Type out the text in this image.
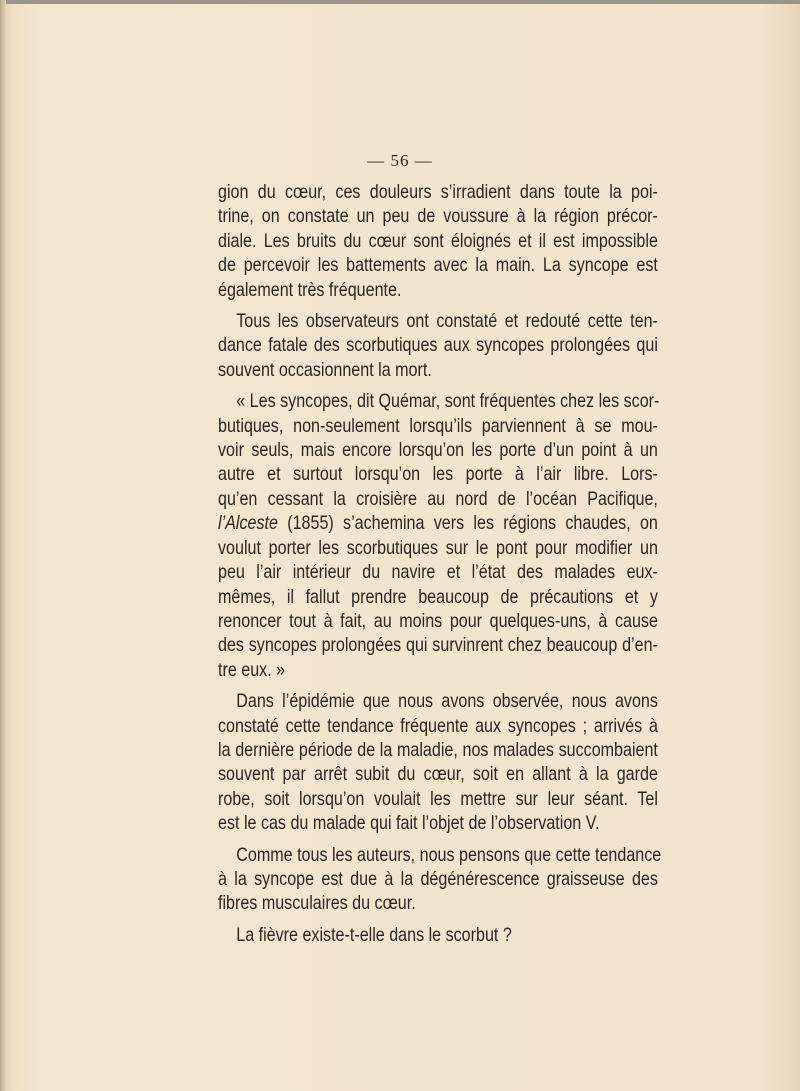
— 56 —
gion du cœur, ces douleurs s’irradient dans toute la poi-
trine, on constate un peu de voussure à la région précor-
diale. Les bruits du cœur sont éloignés et il est impossible
de percevoir les battements avec la main. La syncope est
également très fréquente.
Tous les observateurs ont constaté et redouté cette ten-
dance fatale des scorbutiques aux syncopes prolongées qui
souvent occasionnent la mort.
« Les syncopes, dit Quémar, sont fréquentes chez les scor-
butiques, non-seulement lorsqu’ils parviennent à se mou-
voir seuls, mais encore lorsqu’on les porte d’un point à un
autre et surtout lorsqu’on les porte à l’air libre. Lors-
qu’en cessant la croisière au nord de l’océan Pacifique,
l’Alceste (1855) s’achemina vers les régions chaudes, on
voulut porter les scorbutiques sur le pont pour modifier un
peu l’air intérieur du navire et l’état des malades eux-
mêmes, il fallut prendre beaucoup de précautions et y
renoncer tout à fait, au moins pour quelques-uns, à cause
des syncopes prolongées qui survinrent chez beaucoup d’en-
tre eux. »
Dans l’épidémie que nous avons observée, nous avons
constaté cette tendance fréquente aux syncopes ; arrivés à
la dernière période de la maladie, nos malades succombaient
souvent par arrêt subit du cœur, soit en allant à la garde
robe, soit lorsqu’on voulait les mettre sur leur séant. Tel
est le cas du malade qui fait l’objet de l’observation V.
Comme tous les auteurs, nous pensons que cette tendance
à la syncope est due à la dégénérescence graisseuse des
fibres musculaires du cœur.
La fièvre existe-t-elle dans le scorbut ?
